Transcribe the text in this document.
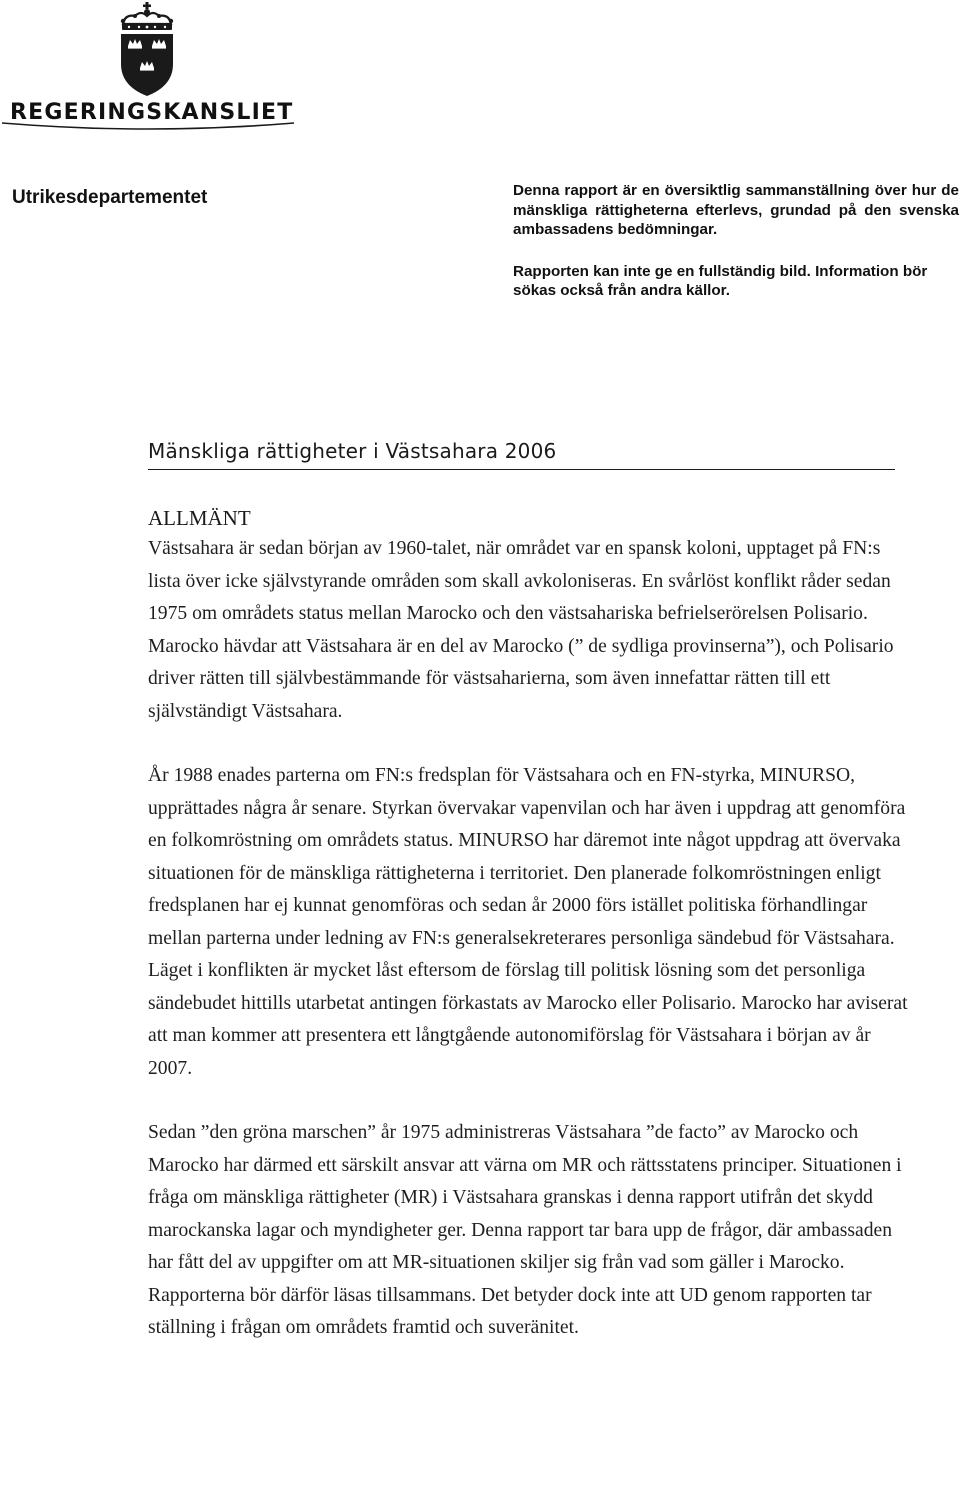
REGERINGSKANSLIET
Utrikesdepartementet	Denna rapport är en översiktlig sammanställning över hur de mänskliga rättigheterna efterlevs, grundad på den svenska ambassadens bedömningar.

Rapporten kan inte ge en fullständig bild. Information bör sökas också från andra källor.

Mänskliga rättigheter i Västsahara 2006

ALLMÄNT

Västsahara är sedan början av 1960-talet, när området var en spansk koloni, upptaget på FN:s lista över icke självstyrande områden som skall avkoloniseras. En svårlöst konflikt råder sedan 1975 om områdets status mellan Marocko och den västsahariska befrielserörelsen Polisario. Marocko hävdar att Västsahara är en del av Marocko (” de sydliga provinserna”), och Polisario driver rätten till självbestämmande för västsaharierna, som även innefattar rätten till ett självständigt Västsahara.

År 1988 enades parterna om FN:s fredsplan för Västsahara och en FN-styrka, MINURSO, upprättades några år senare. Styrkan övervakar vapenvilan och har även i uppdrag att genomföra en folkomröstning om områdets status. MINURSO har däremot inte något uppdrag att övervaka situationen för de mänskliga rättigheterna i territoriet. Den planerade folkomröstningen enligt fredsplanen har ej kunnat genomföras och sedan år 2000 förs istället politiska förhandlingar mellan parterna under ledning av FN:s generalsekreterares personliga sändebud för Västsahara. Läget i konflikten är mycket låst eftersom de förslag till politisk lösning som det personliga sändebudet hittills utarbetat antingen förkastats av Marocko eller Polisario. Marocko har aviserat att man kommer att presentera ett långtgående autonomiförslag för Västsahara i början av år 2007.

Sedan ”den gröna marschen” år 1975 administreras Västsahara ”de facto” av Marocko och Marocko har därmed ett särskilt ansvar att värna om MR och rättsstatens principer. Situationen i fråga om mänskliga rättigheter (MR) i Västsahara granskas i denna rapport utifrån det skydd marockanska lagar och myndigheter ger. Denna rapport tar bara upp de frågor, där ambassaden har fått del av uppgifter om att MR-situationen skiljer sig från vad som gäller i Marocko. Rapporterna bör därför läsas tillsammans. Det betyder dock inte att UD genom rapporten tar ställning i frågan om områdets framtid och suveränitet.
